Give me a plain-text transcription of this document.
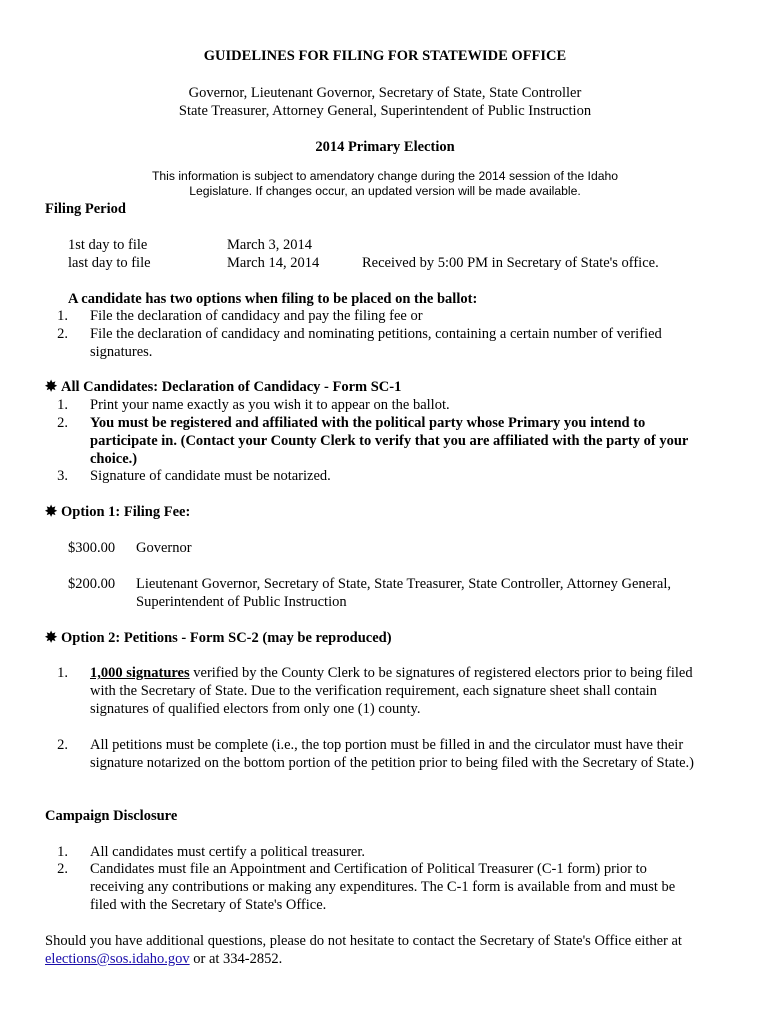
GUIDELINES FOR FILING FOR STATEWIDE OFFICE
Governor, Lieutenant Governor, Secretary of State, State Controller
State Treasurer, Attorney General, Superintendent of Public Instruction
2014 Primary Election
This information is subject to amendatory change during the 2014 session of the Idaho
Legislature. If changes occur, an updated version will be made available.
Filing Period
1st day to file	March 3, 2014
last day to file	March 14, 2014	Received by 5:00 PM in Secretary of State's office.
A candidate has two options when filing to be placed on the ballot:
1. File the declaration of candidacy and pay the filing fee or
2. File the declaration of candidacy and nominating petitions, containing a certain number of verified
signatures.
✸ All Candidates: Declaration of Candidacy - Form SC-1
1. Print your name exactly as you wish it to appear on the ballot.
2. You must be registered and affiliated with the political party whose Primary you intend to
participate in. (Contact your County Clerk to verify that you are affiliated with the party of your
choice.)
3. Signature of candidate must be notarized.
✸ Option 1: Filing Fee:
$300.00 Governor
$200.00 Lieutenant Governor, Secretary of State, State Treasurer, State Controller, Attorney General,
Superintendent of Public Instruction
✸ Option 2: Petitions - Form SC-2 (may be reproduced)
1. 1,000 signatures verified by the County Clerk to be signatures of registered electors prior to being filed
with the Secretary of State. Due to the verification requirement, each signature sheet shall contain
signatures of qualified electors from only one (1) county.
2. All petitions must be complete (i.e., the top portion must be filled in and the circulator must have their
signature notarized on the bottom portion of the petition prior to being filed with the Secretary of State.)
Campaign Disclosure
1. All candidates must certify a political treasurer.
2. Candidates must file an Appointment and Certification of Political Treasurer (C-1 form) prior to
receiving any contributions or making any expenditures. The C-1 form is available from and must be
filed with the Secretary of State's Office.
Should you have additional questions, please do not hesitate to contact the Secretary of State's Office either at
elections@sos.idaho.gov or at 334-2852.
